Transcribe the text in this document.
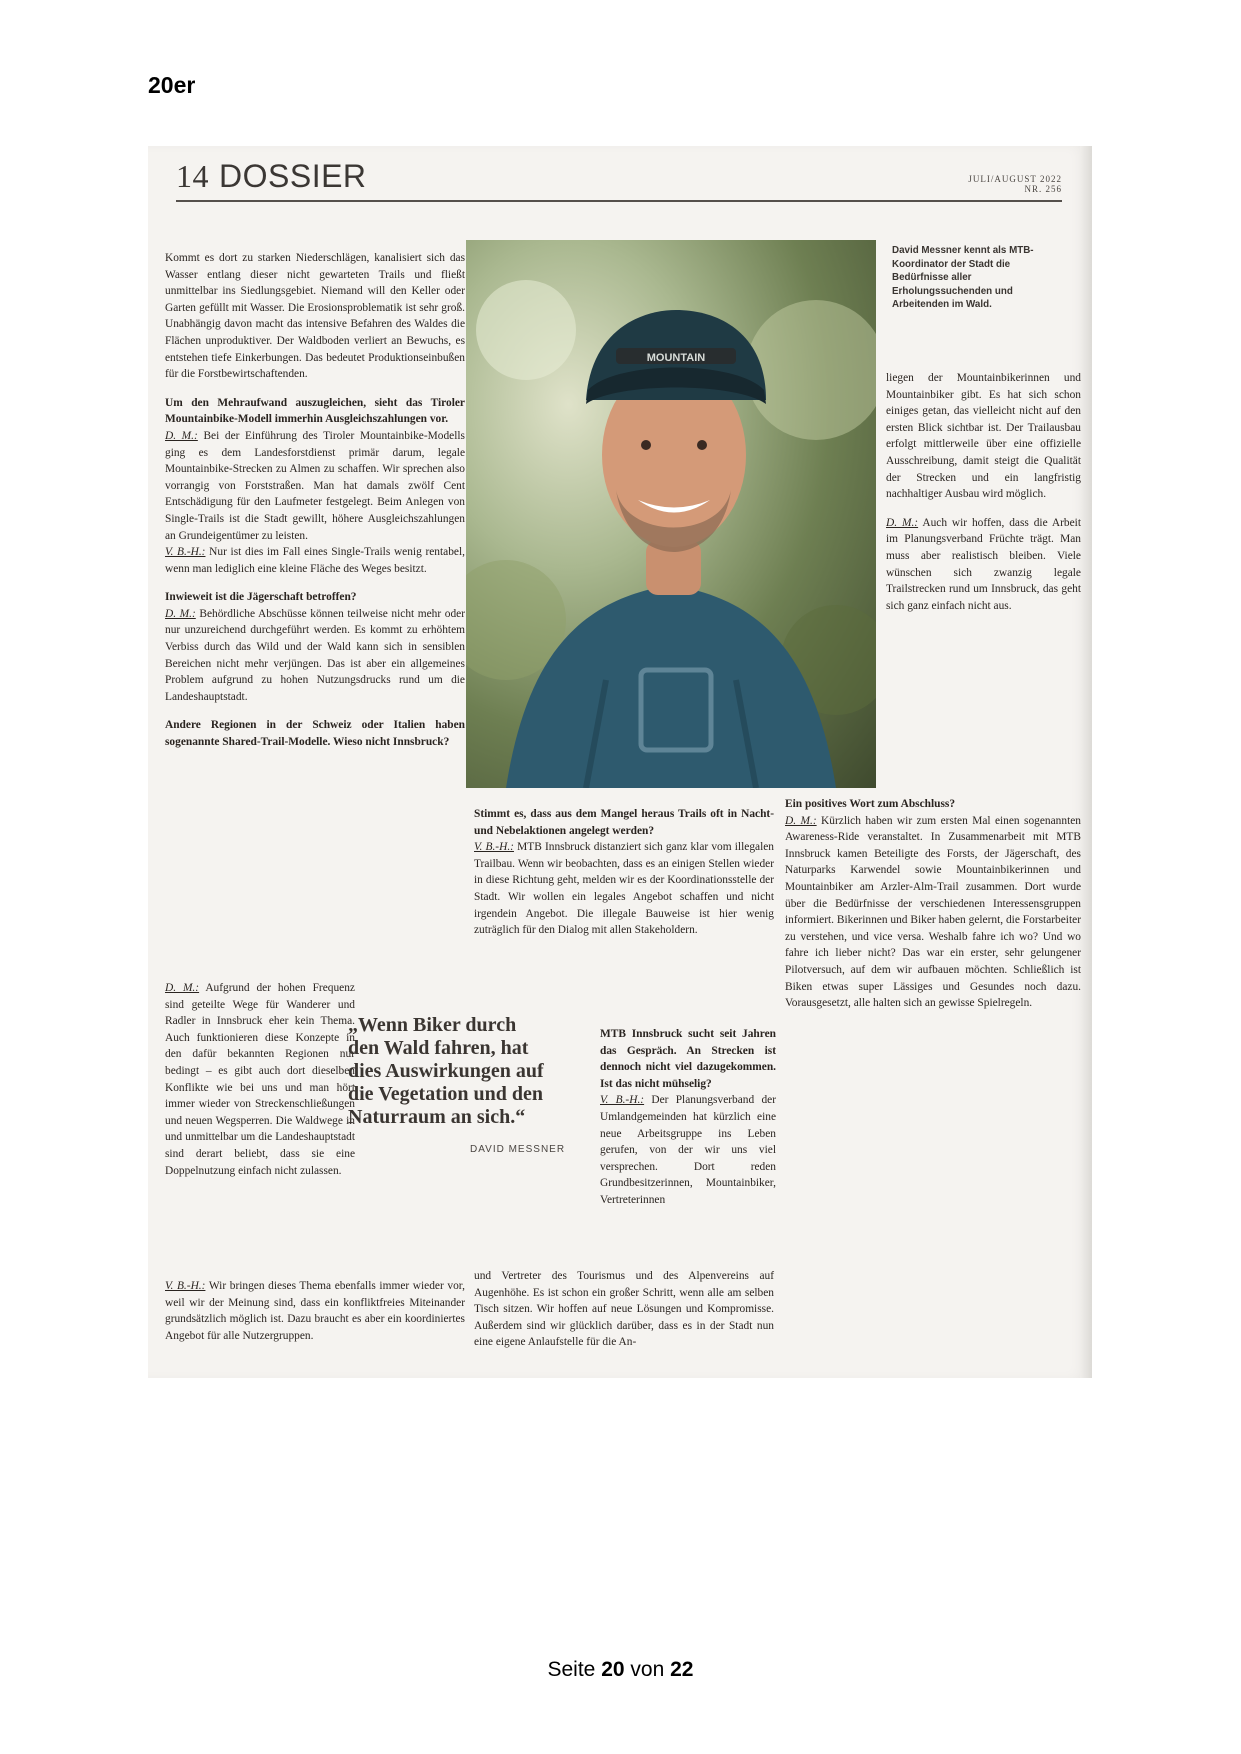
20er
14 DOSSIER	JULI/AUGUST 2022
NR. 256

Kommt es dort zu starken Niederschlägen, kanalisiert sich das Wasser entlang dieser nicht gewarteten Trails und fließt unmittelbar ins Siedlungsgebiet. Niemand will den Keller oder Garten gefüllt mit Wasser. Die Erosionsproblematik ist sehr groß. Unabhängig davon macht das intensive Befahren des Waldes die Flächen unproduktiver. Der Waldboden verliert an Bewuchs, es entstehen tiefe Einkerbungen. Das bedeutet Produktionseinbußen für die Forstbewirtschaftenden.

Um den Mehraufwand auszugleichen, sieht das Tiroler Mountainbike-Modell immerhin Ausgleichszahlungen vor.
D. M.: Bei der Einführung des Tiroler Mountainbike-Modells ging es dem Landesforstdienst primär darum, legale Mountainbike-Strecken zu Almen zu schaffen. Wir sprechen also vorrangig von Forststraßen. Man hat damals zwölf Cent Entschädigung für den Laufmeter festgelegt. Beim Anlegen von Single-Trails ist die Stadt gewillt, höhere Ausgleichszahlungen an Grundeigentümer zu leisten.
V. B.-H.: Nur ist dies im Fall eines Single-Trails wenig rentabel, wenn man lediglich eine kleine Fläche des Weges besitzt.

Inwieweit ist die Jägerschaft betroffen?
D. M.: Behördliche Abschüsse können teilweise nicht mehr oder nur unzureichend durchgeführt werden. Es kommt zu erhöhtem Verbiss durch das Wild und der Wald kann sich in sensiblen Bereichen nicht mehr verjüngen. Das ist aber ein allgemeines Problem aufgrund zu hohen Nutzungsdrucks rund um die Landeshauptstadt.

Andere Regionen in der Schweiz oder Italien haben sogenannte Shared-Trail-Modelle. Wieso nicht Innsbruck?

D. M.: Aufgrund der hohen Frequenz sind geteilte Wege für Wanderer und Radler in Innsbruck eher kein Thema. Auch funktionieren diese Konzepte in den dafür bekannten Regionen nur bedingt – es gibt auch dort dieselben Konflikte wie bei uns und man hört immer wieder von Streckenschließungen und neuen Wegsperren. Die Waldwege in und unmittelbar um die Landeshauptstadt sind derart beliebt, dass sie eine Doppelnutzung einfach nicht zulassen.

V. B.-H.: Wir bringen dieses Thema ebenfalls immer wieder vor, weil wir der Meinung sind, dass ein konfliktfreies Miteinander grundsätzlich möglich ist. Dazu braucht es aber ein koordiniertes Angebot für alle Nutzergruppen.

MOUNTAIN
David Messner kennt als MTB-Koordinator der Stadt die Bedürfnisse aller Erholungssuchenden und Arbeitenden im Wald.

Stimmt es, dass aus dem Mangel heraus Trails oft in Nacht- und Nebelaktionen angelegt werden?
V. B.-H.: MTB Innsbruck distanziert sich ganz klar vom illegalen Trailbau. Wenn wir beobachten, dass es an einigen Stellen wieder in diese Richtung geht, melden wir es der Koordinationsstelle der Stadt. Wir wollen ein legales Angebot schaffen und nicht irgendein Angebot. Die illegale Bauweise ist hier wenig zuträglich für den Dialog mit allen Stakeholdern.

„Wenn Biker durch den Wald fahren, hat dies Auswirkungen auf die Vegetation und den Naturraum an sich.“
DAVID MESSNER

MTB Innsbruck sucht seit Jahren das Gespräch. An Strecken ist dennoch nicht viel dazugekommen. Ist das nicht mühselig?
V. B.-H.: Der Planungsverband der Umlandgemeinden hat kürzlich eine neue Arbeitsgruppe ins Leben gerufen, von der wir uns viel versprechen. Dort reden Grundbesitzerinnen, Mountainbiker, Vertreterinnen

und Vertreter des Tourismus und des Alpenvereins auf Augenhöhe. Es ist schon ein großer Schritt, wenn alle am selben Tisch sitzen. Wir hoffen auf neue Lösungen und Kompromisse. Außerdem sind wir glücklich darüber, dass es in der Stadt nun eine eigene Anlaufstelle für die An-

liegen der Mountainbikerinnen und Mountainbiker gibt. Es hat sich schon einiges getan, das vielleicht nicht auf den ersten Blick sichtbar ist. Der Trailausbau erfolgt mittlerweile über eine offizielle Ausschreibung, damit steigt die Qualität der Strecken und ein langfristig nachhaltiger Ausbau wird möglich.

D. M.: Auch wir hoffen, dass die Arbeit im Planungsverband Früchte trägt. Man muss aber realistisch bleiben. Viele wünschen sich zwanzig legale Trailstrecken rund um Innsbruck, das geht sich ganz einfach nicht aus.

Ein positives Wort zum Abschluss?
D. M.: Kürzlich haben wir zum ersten Mal einen sogenannten Awareness-Ride veranstaltet. In Zusammenarbeit mit MTB Innsbruck kamen Beteiligte des Forsts, der Jägerschaft, des Naturparks Karwendel sowie Mountainbikerinnen und Mountainbiker am Arzler-Alm-Trail zusammen. Dort wurde über die Bedürfnisse der verschiedenen Interessensgruppen informiert. Bikerinnen und Biker haben gelernt, die Forstarbeiter zu verstehen, und vice versa. Weshalb fahre ich wo? Und wo fahre ich lieber nicht? Das war ein erster, sehr gelungener Pilotversuch, auf dem wir aufbauen möchten. Schließlich ist Biken etwas super Lässiges und Gesundes noch dazu. Vorausgesetzt, alle halten sich an gewisse Spielregeln.

Seite 20 von 22
